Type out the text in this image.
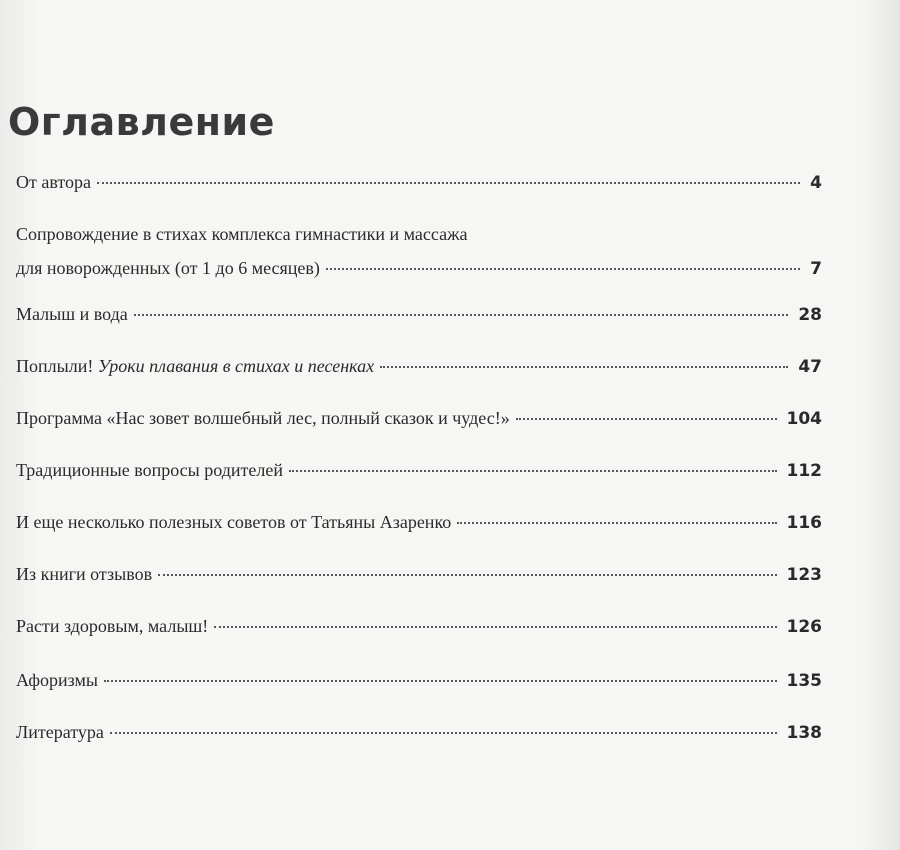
Оглавление
От автора	4
Сопровождение в стихах комплекса гимнастики и массажа
для новорожденных (от 1 до 6 месяцев)	7
Малыш и вода	28
Поплыли! Уроки плавания в стихах и песенках	47
Программа «Нас зовет волшебный лес, полный сказок и чудес!»	104
Традиционные вопросы родителей	112
И еще несколько полезных советов от Татьяны Азаренко	116
Из книги отзывов	123
Расти здоровым, малыш!	126
Афоризмы	135
Литература	138
